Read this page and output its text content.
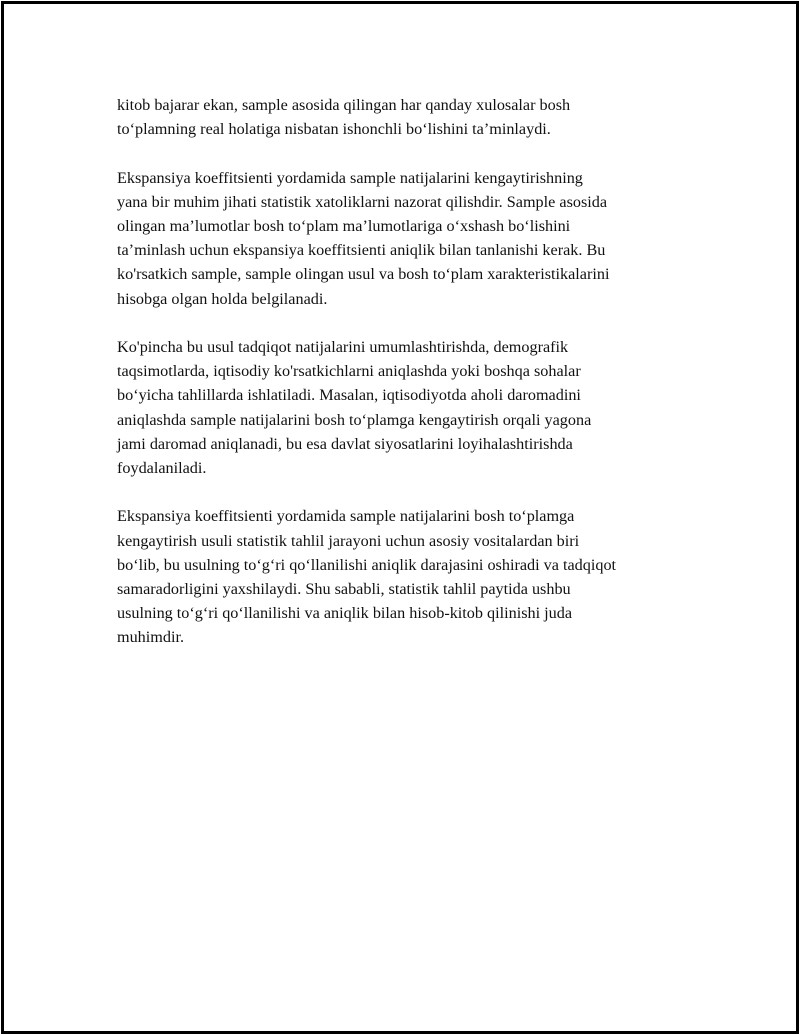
kitob bajarar ekan, sample asosida qilingan har qanday xulosalar bosh
to‘plamning real holatiga nisbatan ishonchli bo‘lishini ta’minlaydi.

Ekspansiya koeffitsienti yordamida sample natijalarini kengaytirishning
yana bir muhim jihati statistik xatoliklarni nazorat qilishdir. Sample asosida
olingan ma’lumotlar bosh to‘plam ma’lumotlariga o‘xshash bo‘lishini
ta’minlash uchun ekspansiya koeffitsienti aniqlik bilan tanlanishi kerak. Bu
ko'rsatkich sample, sample olingan usul va bosh to‘plam xarakteristikalarini
hisobga olgan holda belgilanadi.

Ko'pincha bu usul tadqiqot natijalarini umumlashtirishda, demografik
taqsimotlarda, iqtisodiy ko'rsatkichlarni aniqlashda yoki boshqa sohalar
bo‘yicha tahlillarda ishlatiladi. Masalan, iqtisodiyotda aholi daromadini
aniqlashda sample natijalarini bosh to‘plamga kengaytirish orqali yagona
jami daromad aniqlanadi, bu esa davlat siyosatlarini loyihalashtirishda
foydalaniladi.

Ekspansiya koeffitsienti yordamida sample natijalarini bosh to‘plamga
kengaytirish usuli statistik tahlil jarayoni uchun asosiy vositalardan biri
bo‘lib, bu usulning to‘g‘ri qo‘llanilishi aniqlik darajasini oshiradi va tadqiqot
samaradorligini yaxshilaydi. Shu sababli, statistik tahlil paytida ushbu
usulning to‘g‘ri qo‘llanilishi va aniqlik bilan hisob-kitob qilinishi juda
muhimdir.
